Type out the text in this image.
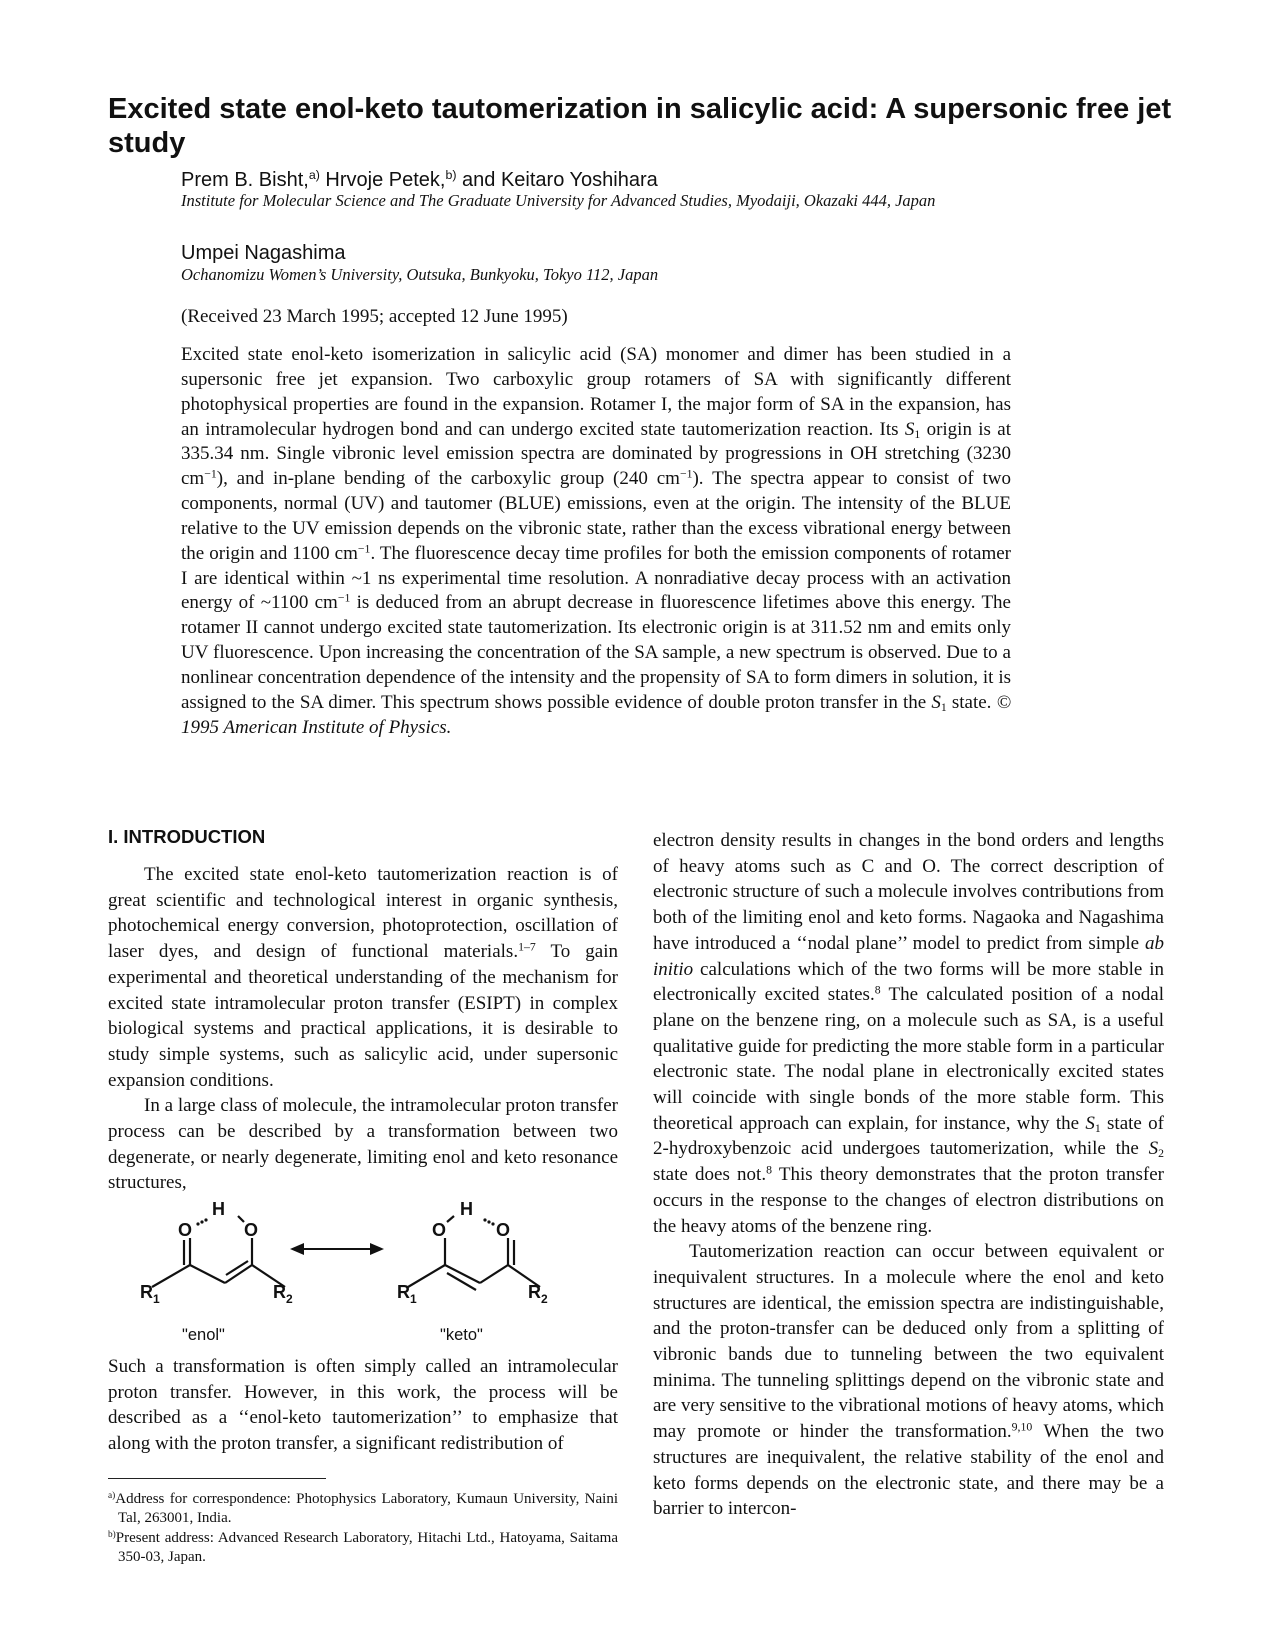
Excited state enol-keto tautomerization in salicylic acid: A supersonic free jet study
Prem B. Bisht,$^{a)}$ Hrvoje Petek,$^{b)}$ and Keitaro Yoshihara
Institute for Molecular Science and The Graduate University for Advanced Studies, Myodaiji, Okazaki 444, Japan
Umpei Nagashima
Ochanomizu Women’s University, Outsuka, Bunkyoku, Tokyo 112, Japan
(Received 23 March 1995; accepted 12 June 1995)

Excited state enol-keto isomerization in salicylic acid (SA) monomer and dimer has been studied in a supersonic free jet expansion. Two carboxylic group rotamers of SA with significantly different photophysical properties are found in the expansion. Rotamer I, the major form of SA in the expansion, has an intramolecular hydrogen bond and can undergo excited state tautomerization reaction. Its $S_1$ origin is at 335.34 nm. Single vibronic level emission spectra are dominated by progressions in OH stretching (3230 $cm^{-1}$), and in-plane bending of the carboxylic group (240 $cm^{-1}$). The spectra appear to consist of two components, normal (UV) and tautomer (BLUE) emissions, even at the origin. The intensity of the BLUE relative to the UV emission depends on the vibronic state, rather than the excess vibrational energy between the origin and 1100 $cm^{-1}$. The fluorescence decay time profiles for both the emission components of rotamer I are identical within ~1 ns experimental time resolution. A nonradiative decay process with an activation energy of ~1100 $cm^{-1}$ is deduced from an abrupt decrease in fluorescence lifetimes above this energy. The rotamer II cannot undergo excited state tautomerization. Its electronic origin is at 311.52 nm and emits only UV fluorescence. Upon increasing the concentration of the SA sample, a new spectrum is observed. Due to a nonlinear concentration dependence of the intensity and the propensity of SA to form dimers in solution, it is assigned to the SA dimer. This spectrum shows possible evidence of double proton transfer in the $S_1$ state. © 1995 American Institute of Physics.

I. INTRODUCTION

The excited state enol-keto tautomerization reaction is of great scientific and technological interest in organic synthesis, photochemical energy conversion, photoprotection, oscillation of laser dyes, and design of functional materials.$^{1-7}$ To gain experimental and theoretical understanding of the mechanism for excited state intramolecular proton transfer (ESIPT) in complex biological systems and practical applications, it is desirable to study simple systems, such as salicylic acid, under supersonic expansion conditions.

In a large class of molecule, the intramolecular proton transfer process can be described by a transformation between two degenerate, or nearly degenerate, limiting enol and keto resonance structures,

H
O	O
R 1	R 2
H
O	O
R 1	R 2
"enol"	"keto"

Such a transformation is often simply called an intramolecular proton transfer. However, in this work, the process will be described as a ‘‘enol-keto tautomerization’’ to emphasize that along with the proton transfer, a significant redistribution of

$^{a)}$Address for correspondence: Photophysics Laboratory, Kumaun University, Naini Tal, 263001, India.

$^{b)}$Present address: Advanced Research Laboratory, Hitachi Ltd., Hatoyama, Saitama 350-03, Japan.

electron density results in changes in the bond orders and lengths of heavy atoms such as C and O. The correct description of electronic structure of such a molecule involves contributions from both of the limiting enol and keto forms. Nagaoka and Nagashima have introduced a ‘‘nodal plane’’ model to predict from simple ab initio calculations which of the two forms will be more stable in electronically excited states.$^8$ The calculated position of a nodal plane on the benzene ring, on a molecule such as SA, is a useful qualitative guide for predicting the more stable form in a particular electronic state. The nodal plane in electronically excited states will coincide with single bonds of the more stable form. This theoretical approach can explain, for instance, why the $S_1$ state of 2-hydroxybenzoic acid undergoes tautomerization, while the $S_2$ state does not.$^8$ This theory demonstrates that the proton transfer occurs in the response to the changes of electron distributions on the heavy atoms of the benzene ring.

Tautomerization reaction can occur between equivalent or inequivalent structures. In a molecule where the enol and keto structures are identical, the emission spectra are indistinguishable, and the proton-transfer can be deduced only from a splitting of vibronic bands due to tunneling between the two equivalent minima. The tunneling splittings depend on the vibronic state and are very sensitive to the vibrational motions of heavy atoms, which may promote or hinder the transformation.$^{9,10}$ When the two structures are inequivalent, the relative stability of the enol and keto forms depends on the electronic state, and there may be a barrier to intercon-
